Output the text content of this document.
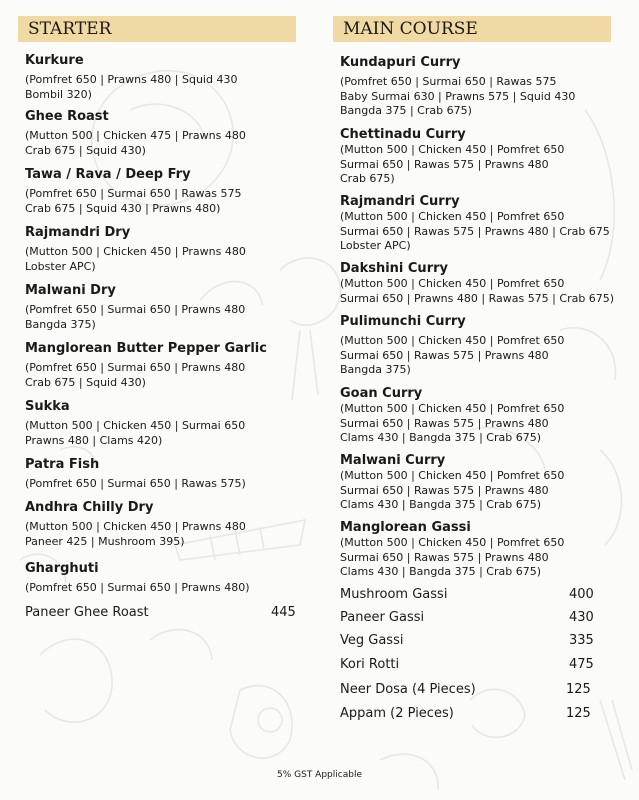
STARTER
Kurkure
(Pomfret 650 | Prawns 480 | Squid 430
Bombil 320)
Ghee Roast
(Mutton 500 | Chicken 475 | Prawns 480
Crab 675 | Squid 430)
Tawa / Rava / Deep Fry
(Pomfret 650 | Surmai 650 | Rawas 575
Crab 675 | Squid 430 | Prawns 480)
Rajmandri Dry
(Mutton 500 | Chicken 450 | Prawns 480
Lobster APC)
Malwani Dry
(Pomfret 650 | Surmai 650 | Prawns 480
Bangda 375)
Manglorean Butter Pepper Garlic
(Pomfret 650 | Surmai 650 | Prawns 480
Crab 675 | Squid 430)
Sukka
(Mutton 500 | Chicken 450 | Surmai 650
Prawns 480 | Clams 420)
Patra Fish
(Pomfret 650 | Surmai 650 | Rawas 575)
Andhra Chilly Dry
(Mutton 500 | Chicken 450 | Prawns 480
Paneer 425 | Mushroom 395)
Gharghuti
(Pomfret 650 | Surmai 650 | Prawns 480)
Paneer Ghee Roast	445
MAIN COURSE
Kundapuri Curry
(Pomfret 650 | Surmai 650 | Rawas 575
Baby Surmai 630 | Prawns 575 | Squid 430
Bangda 375 | Crab 675)
Chettinadu Curry
(Mutton 500 | Chicken 450 | Pomfret 650
Surmai 650 | Rawas 575 | Prawns 480
Crab 675)
Rajmandri Curry
(Mutton 500 | Chicken 450 | Pomfret 650
Surmai 650 | Rawas 575 | Prawns 480 | Crab 675
Lobster APC)
Dakshini Curry
(Mutton 500 | Chicken 450 | Pomfret 650
Surmai 650 | Prawns 480 | Rawas 575 | Crab 675)
Pulimunchi Curry
(Mutton 500 | Chicken 450 | Pomfret 650
Surmai 650 | Rawas 575 | Prawns 480
Bangda 375)
Goan Curry
(Mutton 500 | Chicken 450 | Pomfret 650
Surmai 650 | Rawas 575 | Prawns 480
Clams 430 | Bangda 375 | Crab 675)
Malwani Curry
(Mutton 500 | Chicken 450 | Pomfret 650
Surmai 650 | Rawas 575 | Prawns 480
Clams 430 | Bangda 375 | Crab 675)
Manglorean Gassi
(Mutton 500 | Chicken 450 | Pomfret 650
Surmai 650 | Rawas 575 | Prawns 480
Clams 430 | Bangda 375 | Crab 675)
Mushroom Gassi	400
Paneer Gassi	430
Veg Gassi	335
Kori Rotti	475
Neer Dosa (4 Pieces)	125
Appam (2 Pieces)	125
5% GST Applicable
